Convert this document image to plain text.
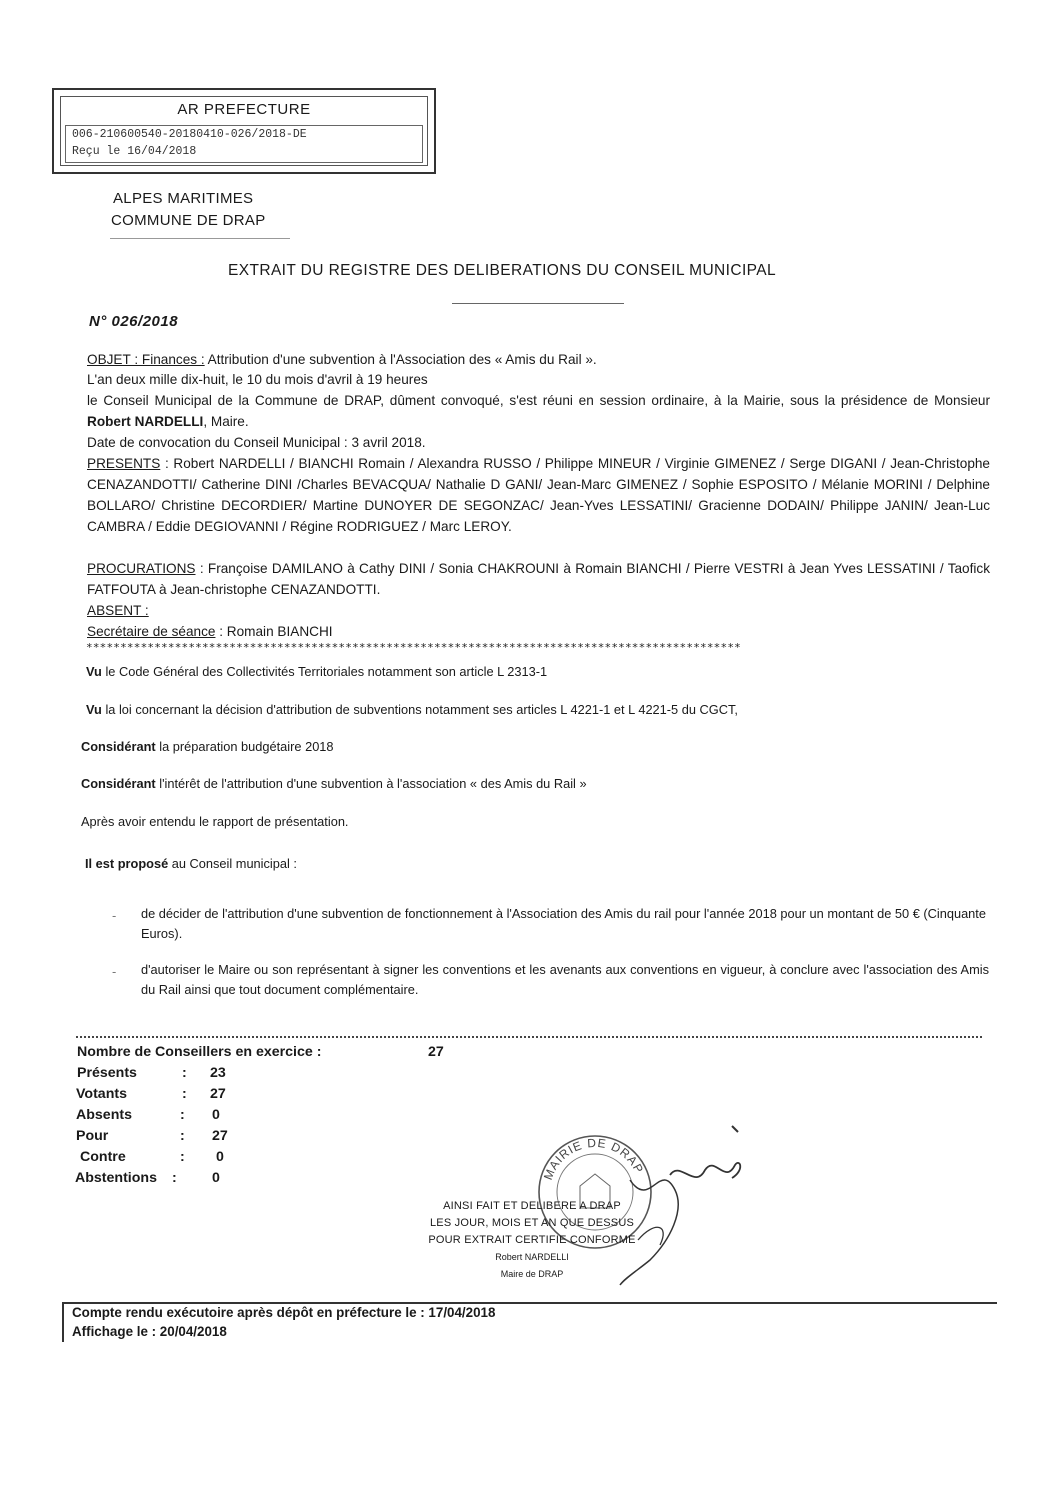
AR PREFECTURE
006-210600540-20180410-026/2018-DE
Reçu le 16/04/2018
ALPES MARITIMES
COMMUNE DE DRAP
EXTRAIT DU REGISTRE DES DELIBERATIONS DU CONSEIL MUNICIPAL
N° 026/2018
OBJET : Finances : Attribution d'une subvention à l'Association des « Amis du Rail ».
L'an deux mille dix-huit, le 10 du mois d'avril à 19 heures
le Conseil Municipal de la Commune de DRAP, dûment convoqué, s'est réuni en session ordinaire, à la Mairie, sous la présidence de Monsieur Robert NARDELLI, Maire.
Date de convocation du Conseil Municipal : 3 avril 2018.
PRESENTS : Robert NARDELLI / BIANCHI Romain / Alexandra RUSSO / Philippe MINEUR / Virginie GIMENEZ / Serge DIGANI / Jean-Christophe CENAZANDOTTI/ Catherine DINI /Charles BEVACQUA/ Nathalie D GANI/ Jean-Marc GIMENEZ / Sophie ESPOSITO / Mélanie MORINI / Delphine BOLLARO/ Christine DECORDIER/ Martine DUNOYER DE SEGONZAC/ Jean-Yves LESSATINI/ Gracienne DODAIN/ Philippe JANIN/ Jean-Luc CAMBRA / Eddie DEGIOVANNI / Régine RODRIGUEZ / Marc LEROY.
PROCURATIONS : Françoise DAMILANO à Cathy DINI / Sonia CHAKROUNI à Romain BIANCHI / Pierre VESTRI à Jean Yves LESSATINI / Taofick FATFOUTA à Jean-christophe CENAZANDOTTI.
ABSENT :
Secrétaire de séance : Romain BIANCHI
************************************************************************************************
Vu le Code Général des Collectivités Territoriales notamment son article L 2313-1
Vu la loi concernant la décision d'attribution de subventions notamment ses articles L 4221-1 et L 4221-5 du CGCT,
Considérant la préparation budgétaire 2018
Considérant l'intérêt de l'attribution d'une subvention à l'association « des Amis du Rail »
Après avoir entendu le rapport de présentation.
Il est proposé au Conseil municipal :
- de décider de l'attribution d'une subvention de fonctionnement à l'Association des Amis du rail pour l'année 2018 pour un montant de 50 € (Cinquante Euros).
- d'autoriser le Maire ou son représentant à signer les conventions et les avenants aux conventions en vigueur, à conclure avec l'association des Amis du Rail ainsi que tout document complémentaire.
Nombre de Conseillers en exercice :	27
Présents	: 23
Votants	: 27
Absents	: 0
Pour	: 27
Contre	: 0
Abstentions : 0	MAIRIE DE DRAP
AINSI FAIT ET DELIBERE A DRAP
LES JOUR, MOIS ET AN QUE DESSUS
POUR EXTRAIT CERTIFIE CONFORME
Robert NARDELLI
Maire de DRAP
Compte rendu exécutoire après dépôt en préfecture le : 17/04/2018
Affichage le : 20/04/2018
